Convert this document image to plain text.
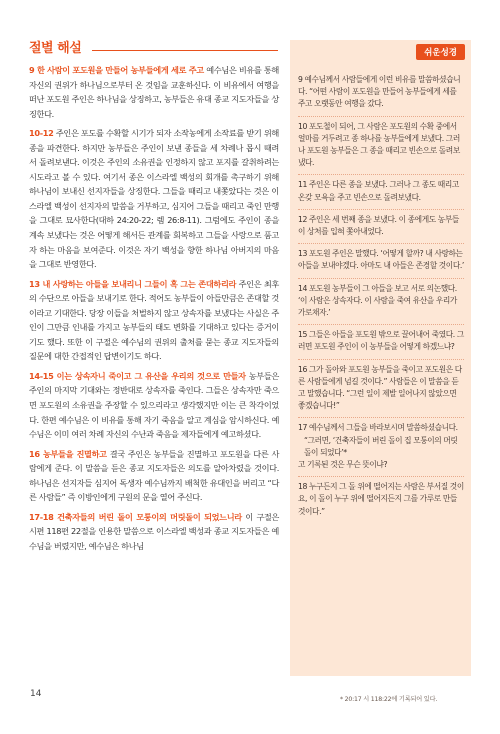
절별 해설

9 한 사람이 포도원을 만들어 농부들에게 세로 주고 예수님은 비유를 통해 자신의 권위가 하나님으로부터 온 것임을 교훈하신다. 이 비유에서 여행을 떠난 포도원 주인은 하나님을 상징하고, 농부들은 유대 종교 지도자들을 상징한다.

10-12 주인은 포도를 수확할 시기가 되자 소작농에게 소작료를 받기 위해 종을 파견한다. 하지만 농부들은 주인이 보낸 종들을 세 차례나 몹시 때려서 돌려보낸다. 이것은 주인의 소유권을 인정하지 않고 포지를 갈취하려는 시도라고 볼 수 있다. 여기서 종은 이스라엘 백성의 회개를 촉구하기 위해 하나님이 보내신 선지자들을 상징한다. 그들을 때리고 내쫓았다는 것은 이스라엘 백성이 선지자의 말씀을 거부하고, 심지어 그들을 때리고 죽인 만행을 그대로 묘사한다(대하 24:20-22; 렘 26:8-11). 그럼에도 주인이 종을 계속 보냈다는 것은 어떻게 해서든 관계를 회복하고 그들을 사랑으로 품고자 하는 마음을 보여준다. 이것은 자기 백성을 향한 하나님 아버지의 마음을 그대로 반영한다.

13 내 사랑하는 아들을 보내리니 그들이 혹 그는 존대하리라 주인은 최후의 수단으로 아들을 보내기로 한다. 적어도 농부들이 아들만큼은 존대할 것이라고 기대한다. 당장 이들을 처벌하지 않고 상속자를 보냈다는 사실은 주인이 그만큼 인내를 가지고 농부들의 태도 변화를 기대하고 있다는 증거이기도 했다. 또한 이 구절은 예수님의 권위의 출처를 묻는 종교 지도자들의 질문에 대한 간접적인 답변이기도 하다.

14-15 이는 상속자니 죽이고 그 유산을 우리의 것으로 만들자 농부들은 주인의 마지막 기대와는 정반대로 상속자를 죽인다. 그들은 상속자만 죽으면 포도원의 소유권을 주장할 수 있으리라고 생각했지만 이는 큰 착각이었다. 한편 예수님은 이 비유를 통해 자기 죽음을 알고 계심을 암시하신다. 예수님은 이미 여러 차례 자신의 수난과 죽음을 제자들에게 예고하셨다.

16 농부들을 진멸하고 결국 주인은 농부들을 진멸하고 포도원을 다른 사람에게 준다. 이 말씀을 듣은 종교 지도자들은 의도를 알아차렸을 것이다. 하나님은 선지자들 심지어 독생자 예수님까지 배척한 유대인을 버리고 “다른 사람들” 즉 이방인에게 구원의 문을 열어 주신다.

17-18 건축자들의 버린 돌이 모퉁이의 머릿돌이 되었느니라 이 구절은 시편 118편 22절을 인용한 말씀으로 이스라엘 백성과 종교 지도자들은 예수님을 버렸지만, 예수님은 하나님

쉬운성경

9 예수님께서 사람들에게 이런 비유를 말씀하셨습니다. “어떤 사람이 포도원을 만들어 농부들에게 세를 주고 오랫동안 여행을 갔다.

10 포도철이 되어, 그 사람은 포도원의 수확 중에서 얼마를 거두려고 종 하나를 농부들에게 보냈다. 그러나 포도원 농부들은 그 종을 때리고 빈손으로 돌려보냈다.

11 주인은 다른 종을 보냈다. 그러나 그 종도 때리고 온갖 모욕을 주고 빈손으로 돌려보냈다.

12 주인은 세 번째 종을 보냈다. 이 종에게도 농부들이 상처를 입혀 쫓아내었다.

13 포도원 주인은 말했다. ‘어떻게 할까? 내 사랑하는 아들을 보내야겠다. 아마도 내 아들은 존경할 것이다.’

14 포도원 농부들이 그 아들을 보고 서로 의논했다. ‘이 사람은 상속자다. 이 사람을 죽여 유산을 우리가 가로채자.’

15 그들은 아들을 포도원 밖으로 끌어내어 죽였다. 그러면 포도원 주인이 이 농부들을 어떻게 하겠느냐?

16 그가 돌아와 포도원 농부들을 죽이고 포도원은 다른 사람들에게 넘길 것이다.” 사람들은 이 말씀을 듣고 말했습니다. “그런 일이 제발 일어나지 않았으면 좋겠습니다!”

17 예수님께서 그들을 바라보시며 말씀하셨습니다.
“그러면, ‘건축자들이 버린 돌이 집 모퉁이의 머릿돌이 되었다’*
고 기록된 것은 무슨 뜻이냐?

18 누구든지 그 돌 위에 떨어지는 사람은 부서질 것이요, 이 돌이 누구 위에 떨어지든지 그를 가루로 만들 것이다.”

* 20:17 시 118:22에 기록되어 있다.
14
